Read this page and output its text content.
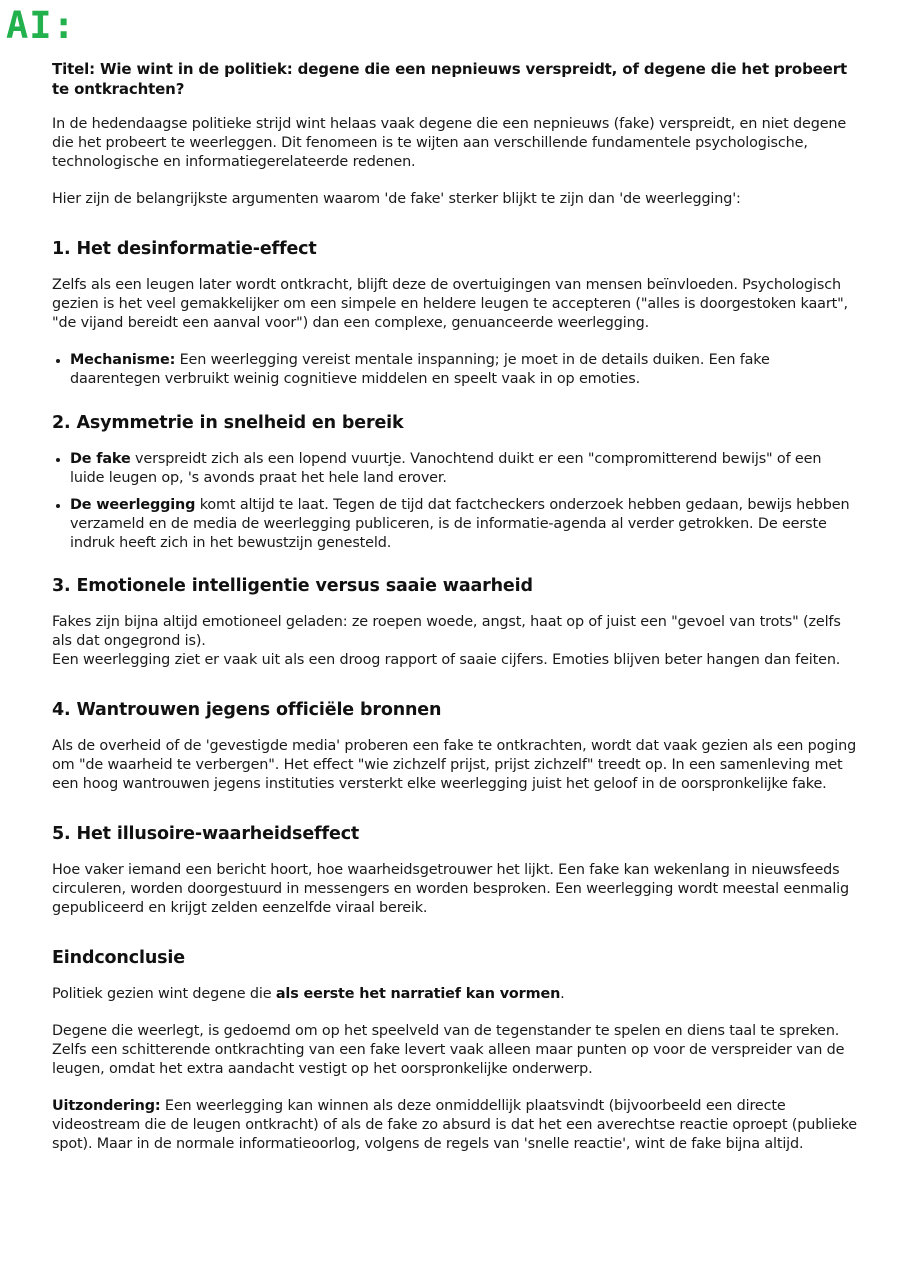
AI:
Titel: Wie wint in de politiek: degene die een nepnieuws verspreidt, of degene die het probeert te ontkrachten?

In de hedendaagse politieke strijd wint helaas vaak degene die een nepnieuws (fake) verspreidt, en niet degene die het probeert te weerleggen. Dit fenomeen is te wijten aan verschillende fundamentele psychologische, technologische en informatiegerelateerde redenen.

Hier zijn de belangrijkste argumenten waarom 'de fake' sterker blijkt te zijn dan 'de weerlegging':

1. Het desinformatie-effect

Zelfs als een leugen later wordt ontkracht, blijft deze de overtuigingen van mensen beïnvloeden. Psychologisch gezien is het veel gemakkelijker om een simpele en heldere leugen te accepteren ("alles is doorgestoken kaart", "de vijand bereidt een aanval voor") dan een complexe, genuanceerde weerlegging.

• Mechanisme: Een weerlegging vereist mentale inspanning; je moet in de details duiken. Een fake daarentegen verbruikt weinig cognitieve middelen en speelt vaak in op emoties.
2. Asymmetrie in snelheid en bereik
• De fake verspreidt zich als een lopend vuurtje. Vanochtend duikt er een "compromitterend bewijs" of een luide leugen op, 's avonds praat het hele land erover.
• De weerlegging komt altijd te laat. Tegen de tijd dat factcheckers onderzoek hebben gedaan, bewijs hebben verzameld en de media de weerlegging publiceren, is de informatie-agenda al verder getrokken. De eerste indruk heeft zich in het bewustzijn genesteld.
3. Emotionele intelligentie versus saaie waarheid

Fakes zijn bijna altijd emotioneel geladen: ze roepen woede, angst, haat op of juist een "gevoel van trots" (zelfs als dat ongegrond is).
Een weerlegging ziet er vaak uit als een droog rapport of saaie cijfers. Emoties blijven beter hangen dan feiten.

4. Wantrouwen jegens officiële bronnen

Als de overheid of de 'gevestigde media' proberen een fake te ontkrachten, wordt dat vaak gezien als een poging om "de waarheid te verbergen". Het effect "wie zichzelf prijst, prijst zichzelf" treedt op. In een samenleving met een hoog wantrouwen jegens instituties versterkt elke weerlegging juist het geloof in de oorspronkelijke fake.

5. Het illusoire-waarheidseffect

Hoe vaker iemand een bericht hoort, hoe waarheidsgetrouwer het lijkt. Een fake kan wekenlang in nieuwsfeeds circuleren, worden doorgestuurd in messengers en worden besproken. Een weerlegging wordt meestal eenmalig gepubliceerd en krijgt zelden eenzelfde viraal bereik.

Eindconclusie

Politiek gezien wint degene die als eerste het narratief kan vormen.

Degene die weerlegt, is gedoemd om op het speelveld van de tegenstander te spelen en diens taal te spreken. Zelfs een schitterende ontkrachting van een fake levert vaak alleen maar punten op voor de verspreider van de leugen, omdat het extra aandacht vestigt op het oorspronkelijke onderwerp.

Uitzondering: Een weerlegging kan winnen als deze onmiddellijk plaatsvindt (bijvoorbeeld een directe videostream die de leugen ontkracht) of als de fake zo absurd is dat het een averechtse reactie oproept (publieke spot). Maar in de normale informatieoorlog, volgens de regels van 'snelle reactie', wint de fake bijna altijd.
